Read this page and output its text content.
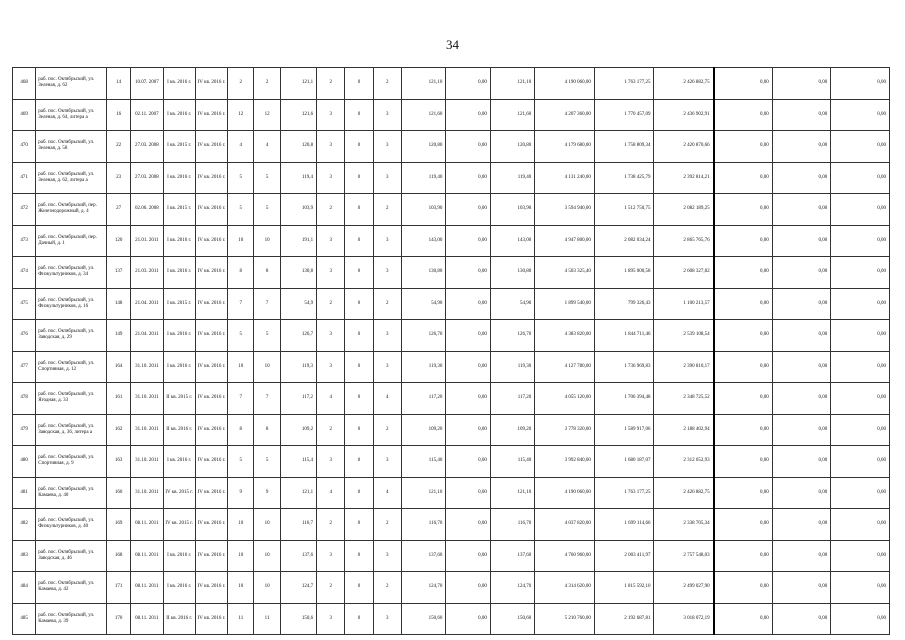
34
468	раб. пос. Октябрьский, ул. Зеленая, д. 62	14	10.07. 2007	I кв. 2016 г.	IV кв. 2016 г.	2	2	121,1	2	0	2	121,10	0,00	121,10	4 190 060,00	1 763 177,25	2 426 882,75	0,00	0,00	0,00
469	раб. пос. Октябрьский, ул. Зеленая, д. 64, литера а	16	02.11. 2007	I кв. 2016 г.	IV кв. 2016 г.	12	12	121,6	3	0	3	121,60	0,00	121,60	4 207 360,00	1 770 457,09	2 436 902,91	0,00	0,00	0,00
470	раб. пос. Октябрьский, ул. Зеленая, д. 58	22	27.03. 2008	I кв. 2015 г.	IV кв. 2016 г.	4	4	120,8	3	0	3	120,80	0,00	120,80	4 179 680,00	1 758 809,34	2 420 870,66	0,00	0,00	0,00
471	раб. пос. Октябрьский, ул. Зеленая, д. 62, литера а	23	27.03. 2008	I кв. 2016 г.	IV кв. 2016 г.	5	5	119,4	3	0	3	119,40	0,00	119,40	4 131 240,00	1 738 425,79	2 392 814,21	0,00	0,00	0,00
472	раб. пос. Октябрьский, пер. Железнодорожный, д. 4	27	02.06. 2008	I кв. 2015 г.	IV кв. 2016 г.	5	5	103,9	2	0	2	103,90	0,00	103,90	3 594 940,00	1 512 750,75	2 082 189,25	0,00	0,00	0,00
473	раб. пос. Октябрьский, пер. Дачный, д. 1	120	21.01. 2011	I кв. 2016 г.	IV кв. 2016 г.	10	10	191,1	3	0	3	143,00	0,00	143,00	4 947 800,00	2 082 034,24	2 865 765,76	0,00	0,00	0,00
474	раб. пос. Октябрьский, ул. Физкультурников, д. 34	137	21.03. 2011	I кв. 2016 г.	IV кв. 2016 г.	8	8	130,8	3	0	3	130,80	0,00	130,80	4 503 325,40	1 895 000,58	2 608 327,82	0,00	0,00	0,00
475	раб. пос. Октябрьский, ул. Физкультурников, д. 16	148	21.04. 2011	I кв. 2015 г.	IV кв. 2016 г.	7	7	54,9	2	0	2	54,90	0,00	54,90	1 899 540,00	799 326,43	1 100 213,57	0,00	0,00	0,00
476	раб. пос. Октябрьский, ул. Заводская, д. 29	149	21.04. 2011	I кв. 2016 г.	IV кв. 2016 г.	5	5	126,7	3	0	3	126,70	0,00	126,70	4 383 820,00	1 844 711,46	2 539 108,54	0,00	0,00	0,00
477	раб. пос. Октябрьский, ул. Спортивная, д. 12	164	31.10. 2011	I кв. 2016 г.	IV кв. 2016 г.	10	10	119,3	3	0	3	119,30	0,00	119,30	4 127 780,00	1 736 969,83	2 390 810,17	0,00	0,00	0,00
478	раб. пос. Октябрьский, ул. Ягодная, д. 33	161	31.10. 2011	II кв. 2015 г.	IV кв. 2016 г.	7	7	117,2	4	0	4	117,20	0,00	117,20	4 055 120,00	1 706 394,48	2 348 725,52	0,00	0,00	0,00
479	раб. пос. Октябрьский, ул. Заводская, д. 36, литера а	162	31.10. 2011	II кв. 2016 г.	IV кв. 2016 г.	8	8	109,2	2	0	2	109,20	0,00	109,20	3 778 320,00	1 589 917,06	2 188 402,94	0,00	0,00	0,00
480	раб. пос. Октябрьский, ул. Спортивная, д. 9	163	31.10. 2011	I кв. 2016 г.	IV кв. 2016 г.	5	5	115,4	3	0	3	115,40	0,00	115,40	3 992 840,00	1 680 187,07	2 312 652,93	0,00	0,00	0,00
481	раб. пос. Октябрьский, ул. Камаева, д. 40	160	31.10. 2011	IV кв. 2015 г.	IV кв. 2016 г.	9	9	121,1	4	0	4	121,10	0,00	121,10	4 190 060,00	1 763 177,25	2 426 882,75	0,00	0,00	0,00
482	раб. пос. Октябрьский, ул. Физкультурников, д. 40	169	08.11. 2011	IV кв. 2015 г.	IV кв. 2016 г.	10	10	116,7	2	0	2	116,70	0,00	116,70	4 037 820,00	1 699 114,66	2 338 705,34	0,00	0,00	0,00
483	раб. пос. Октябрьский, ул. Заводская, д. 46	168	08.11. 2011	I кв. 2016 г.	IV кв. 2016 г.	10	10	137,6	3	0	3	137,60	0,00	137,60	4 760 960,00	2 003 411,97	2 757 548,03	0,00	0,00	0,00
484	раб. пос. Октябрьский, ул. Камаева, д. 42	171	08.11. 2011	I кв. 2016 г.	IV кв. 2016 г.	10	10	124,7	2	0	2	124,70	0,00	124,70	4 314 620,00	1 815 592,10	2 499 027,90	0,00	0,00	0,00
485	раб. пос. Октябрьский, ул. Камаева, д. 39	170	08.11. 2011	II кв. 2016 г.	IV кв. 2016 г.	11	11	150,6	3	0	3	150,60	0,00	150,60	5 210 760,00	2 192 687,81	3 018 072,19	0,00	0,00	0,00
